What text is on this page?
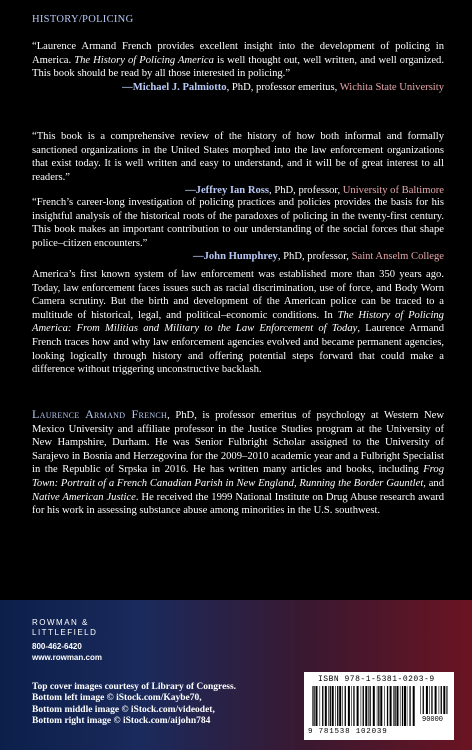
HISTORY/POLICING
“Laurence Armand French provides excellent insight into the development of policing in America. The History of Policing America is well thought out, well written, and well organized. This book should be read by all those interested in policing.”
—Michael J. Palmiotto, PhD, professor emeritus, Wichita State University
“This book is a comprehensive review of the history of how both informal and formally sanctioned organizations in the United States morphed into the law enforcement organizations that exist today. It is well written and easy to understand, and it will be of great interest to all readers.”
—Jeffrey Ian Ross, PhD, professor, University of Baltimore
“French’s career-long investigation of policing practices and policies provides the basis for his insightful analysis of the historical roots of the paradoxes of policing in the twenty-first century. This book makes an important contribution to our understanding of the social forces that shape police–citizen encounters.”
—John Humphrey, PhD, professor, Saint Anselm College
America’s first known system of law enforcement was established more than 350 years ago. Today, law enforcement faces issues such as racial discrimination, use of force, and Body Worn Camera scrutiny. But the birth and development of the American police can be traced to a multitude of historical, legal, and political–economic conditions. In The History of Policing America: From Militias and Military to the Law Enforcement of Today, Laurence Armand French traces how and why law enforcement agencies evolved and became permanent agencies, looking logically through history and offering potential steps forward that could make a difference without triggering unconstructive backlash.
Laurence Armand French, PhD, is professor emeritus of psychology at Western New Mexico University and affiliate professor in the Justice Studies program at the University of New Hampshire, Durham. He was Senior Fulbright Scholar assigned to the University of Sarajevo in Bosnia and Herzegovina for the 2009–2010 academic year and a Fulbright Specialist in the Republic of Srpska in 2016. He has written many articles and books, including Frog Town: Portrait of a French Canadian Parish in New England, Running the Border Gauntlet, and Native American Justice. He received the 1999 National Institute on Drug Abuse research award for his work in assessing substance abuse among minorities in the U.S. southwest.
ROWMAN &
LITTLEFIELD
800-462-6420
www.rowman.com
Top cover images courtesy of Library of Congress.
Bottom left image © iStock.com/Kaybe70,
Bottom middle image © iStock.com/videodet,
Bottom right image © iStock.com/aijohn784
ISBN 978-1-5381-0203-9
9 781538 102039
90000
